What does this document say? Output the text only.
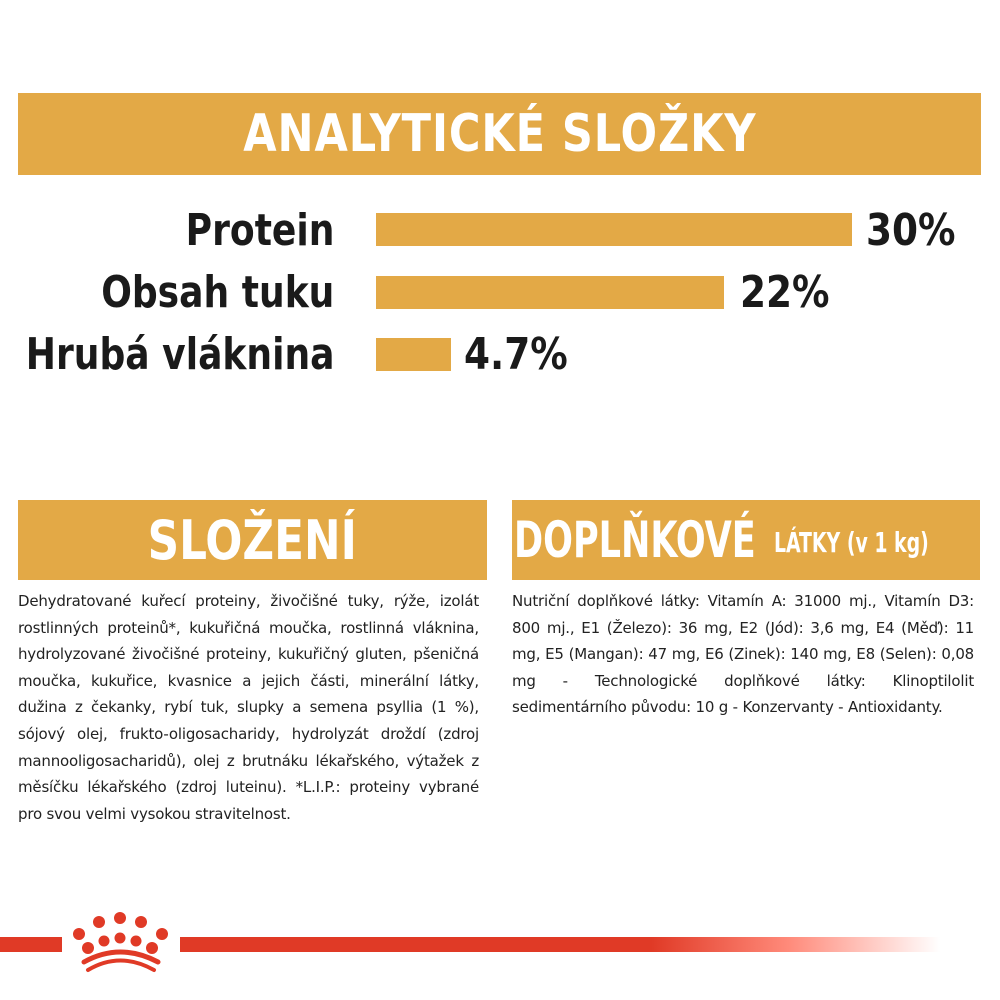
ANALYTICKÉ SLOŽKY
Protein	30%
Obsah tuku	22%
Hrubá vláknina	4.7%
SLOŽENÍ
Dehydratované kuřecí proteiny, živočišné tuky, rýže, izolát rostlinných proteinů*, kukuřičná moučka, rostlinná vláknina, hydrolyzované živočišné proteiny, kukuřičný gluten, pšeničná moučka, kukuřice, kvasnice a jejich části, minerální látky, dužina z čekanky, rybí tuk, slupky a semena psyllia (1 %), sójový olej, frukto-oligosacharidy, hydrolyzát droždí (zdroj mannooligosacharidů), olej z brutnáku lékařského, výtažek z měsíčku lékařského (zdroj luteinu). *L.I.P.: proteiny vybrané pro svou velmi vysokou stravitelnost.
DOPLŇKOVÉ LÁTKY (v 1 kg)
Nutriční doplňkové látky: Vitamín A: 31000 mj., Vitamín D3: 800 mj., E1 (Železo): 36 mg, E2 (Jód): 3,6 mg, E4 (Měď): 11 mg, E5 (Mangan): 47 mg, E6 (Zinek): 140 mg, E8 (Selen): 0,08 mg - Technologické doplňkové látky: Klinoptilolit sedimentárního původu: 10 g - Konzervanty - Antioxidanty.
